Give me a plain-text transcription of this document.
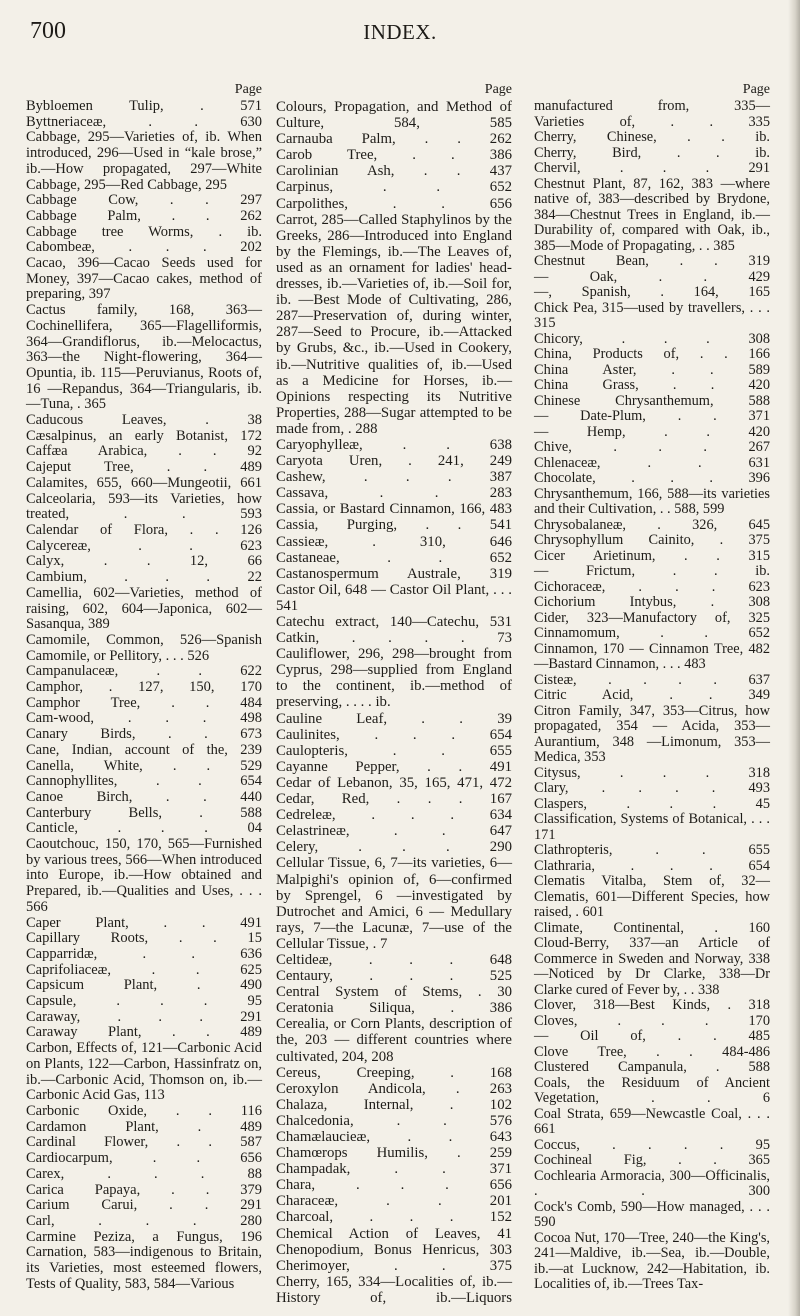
700	INDEX.
Page
Bybloemen Tulip, . 571
Byttneriaceæ, . . 630
Cabbage, 295—Varieties of, ib. When introduced, 296—Used in “kale brose,” ib.—How propagated, 297—White Cabbage, 295—Red Cabbage, 295
Cabbage Cow, . . 297
Cabbage Palm, . . 262
Cabbage tree Worms, . ib.
Cabombeæ, . . . 202
Cacao, 396—Cacao Seeds used for Money, 397—Cacao cakes, method of preparing, 397
Cactus family, 168, 363—Cochinellifera, 365—Flagelliformis, 364—Grandiflorus, ib.—Melocactus, 363—the Night-flowering, 364—Opuntia, ib. 115—Peruvianus, Roots of, 16 —Repandus, 364—Triangularis, ib.—Tuna, . 365
Caducous Leaves, . 38
Cæsalpinus, an early Botanist, 172
Caffæa Arabica, . . 92
Cajeput Tree, . . 489
Calamites, 655, 660—Mungeotii, 661
Calceolaria, 593—its Varieties, how treated, . . 593
Calendar of Flora, . . 126
Calycereæ, . . 623
Calyx, . . 12, 66
Cambium, . . . 22
Camellia, 602—Varieties, method of raising, 602, 604—Japonica, 602—Sasanqua, 389
Camomile, Common, 526—Spanish Camomile, or Pellitory, . . . 526
Campanulaceæ, . . 622
Camphor, . 127, 150, 170
Camphor Tree, . . 484
Cam-wood, . . . 498
Canary Birds, . . 673
Cane, Indian, account of the, 239
Canella, White, . . 529
Cannophyllites, . . 654
Canoe Birch, . . 440
Canterbury Bells, . 588
Canticle, . . . 04
Caoutchouc, 150, 170, 565—Furnished by various trees, 566—When introduced into Europe, ib.—How obtained and Prepared, ib.—Qualities and Uses, . . . 566
Caper Plant, . . 491
Capillary Roots, . . 15
Capparridæ, . . 636
Caprifoliaceæ, . . 625
Capsicum Plant, . 490
Capsule, . . . 95
Caraway, . . . 291
Caraway Plant, . . 489
Carbon, Effects of, 121—Carbonic Acid on Plants, 122—Carbon, Hassinfratz on, ib.—Carbonic Acid, Thomson on, ib.—Carbonic Acid Gas, 113
Carbonic Oxide, . . 116
Cardamon Plant, . 489
Cardinal Flower, . . 587
Cardiocarpum, . . 656
Carex, . . . 88
Carica Papaya, . . 379
Carium Carui, . . 291
Carl, . . . 280
Carmine Peziza, a Fungus, 196
Carnation, 583—indigenous to Britain, its Varieties, most esteemed flowers, Tests of Quality, 583, 584—Various
Page
Colours, Propagation, and Method of Culture, 584, 585
Carnauba Palm, . . 262
Carob Tree, . . 386
Carolinian Ash, . . 437
Carpinus, . . 652
Carpolithes, . . 656
Carrot, 285—Called Staphylinos by the Greeks, 286—Introduced into England by the Flemings, ib.—The Leaves of, used as an ornament for ladies' head-dresses, ib.—Varieties of, ib.—Soil for, ib. —Best Mode of Cultivating, 286, 287—Preservation of, during winter, 287—Seed to Procure, ib.—Attacked by Grubs, &c., ib.—Used in Cookery, ib.—Nutritive qualities of, ib.—Used as a Medicine for Horses, ib.—Opinions respecting its Nutritive Properties, 288—Sugar attempted to be made from, . 288
Caryophylleæ, . . 638
Caryota Uren, . 241, 249
Cashew, . . . 387
Cassava, . . 283
Cassia, or Bastard Cinnamon, 166, 483
Cassia, Purging, . . 541
Cassieæ, . 310, 646
Castaneae, . . 652
Castanospermum Australe, 319
Castor Oil, 648 — Castor Oil Plant, . . . 541
Catechu extract, 140—Catechu, 531
Catkin, . . . . 73
Cauliflower, 296, 298—brought from Cyprus, 298—supplied from England to the continent, ib.—method of preserving, . . . . ib.
Cauline Leaf, . . 39
Caulinites, . . . 654
Caulopteris, . . 655
Cayanne Pepper, . . 491
Cedar of Lebanon, 35, 165, 471, 472
Cedar, Red, . . . 167
Cedreleæ, . . . 634
Celastrineæ, . . 647
Celery, . . . 290
Cellular Tissue, 6, 7—its varieties, 6—Malpighi's opinion of, 6—confirmed by Sprengel, 6 —investigated by Dutrochet and Amici, 6 — Medullary rays, 7—the Lacunæ, 7—use of the Cellular Tissue, . 7
Celtideæ, . . . 648
Centaury, . . . 525
Central System of Stems, . 30
Ceratonia Siliqua, . 386
Cerealia, or Corn Plants, description of the, 203 — different countries where cultivated, 204, 208
Cereus, Creeping, . 168
Ceroxylon Andicola, . 263
Chalaza, Internal, . 102
Chalcedonia, . . 576
Chamælaucieæ, . . 643
Chamœrops Humilis, . 259
Champadak, . . 371
Chara, . . . 656
Characeæ, . . 201
Charcoal, . . . 152
Chemical Action of Leaves, 41
Chenopodium, Bonus Henricus, 303
Cherimoyer, . . 375
Cherry, 165, 334—Localities of, ib.—History of, ib.—Liquors
Page
manufactured from, 335—
Varieties of, . . 335
Cherry, Chinese, . . ib.
Cherry, Bird, . . ib.
Chervil, . . . 291
Chestnut Plant, 87, 162, 383 —where native of, 383—described by Brydone, 384—Chestnut Trees in England, ib.—Durability of, compared with Oak, ib., 385—Mode of Propagating, . . 385
Chestnut Bean, . . 319
— Oak, . . 429
—, Spanish, . 164, 165
Chick Pea, 315—used by travellers, . . . 315
Chicory, . . . 308
China, Products of, . . 166
China Aster, . . 589
China Grass, . . 420
Chinese Chrysanthemum, 588
— Date-Plum, . . 371
— Hemp, . . 420
Chive, . . . 267
Chlenaceæ, . . 631
Chocolate, . . . 396
Chrysanthemum, 166, 588—its varieties and their Cultivation, . . 588, 599
Chrysobalaneæ, . 326, 645
Chrysophyllum Cainito, . 375
Cicer Arietinum, . . 315
— Frictum, . . ib.
Cichoraceæ, . . . 623
Cichorium Intybus, . 308
Cider, 323—Manufactory of, 325
Cinnamomum, . . 652
Cinnamon, 170 — Cinnamon Tree, 482—Bastard Cinnamon, . . . 483
Cisteæ, . . . . 637
Citric Acid, . . 349
Citron Family, 347, 353—Citrus, how propagated, 354 — Acida, 353—Aurantium, 348 —Limonum, 353—Medica, 353
Citysus, . . . 318
Clary, . . . . 493
Claspers, . . . 45
Classification, Systems of Botanical, . . . 171
Clathropteris, . . 655
Clathraria, . . . 654
Clematis Vitalba, Stem of, 32—Clematis, 601—Different Species, how raised, . 601
Climate, Continental, . 160
Cloud-Berry, 337—an Article of Commerce in Sweden and Norway, 338—Noticed by Dr Clarke, 338—Dr Clarke cured of Fever by, . . 338
Clover, 318—Best Kinds, . 318
Cloves, . . . 170
— Oil of, . . 485
Clove Tree, . . 484-486
Clustered Campanula, . 588
Coals, the Residuum of Ancient Vegetation, . . 6
Coal Strata, 659—Newcastle Coal, . . . 661
Coccus, . . . . 95
Cochineal Fig, . . 365
Cochlearia Armoracia, 300—Officinalis, . . 300
Cock's Comb, 590—How managed, . . . 590
Cocoa Nut, 170—Tree, 240—the King's, 241—Maldive, ib.—Sea, ib.—Double, ib.—at Lucknow, 242—Habitation, ib. Localities of, ib.—Trees Tax-
